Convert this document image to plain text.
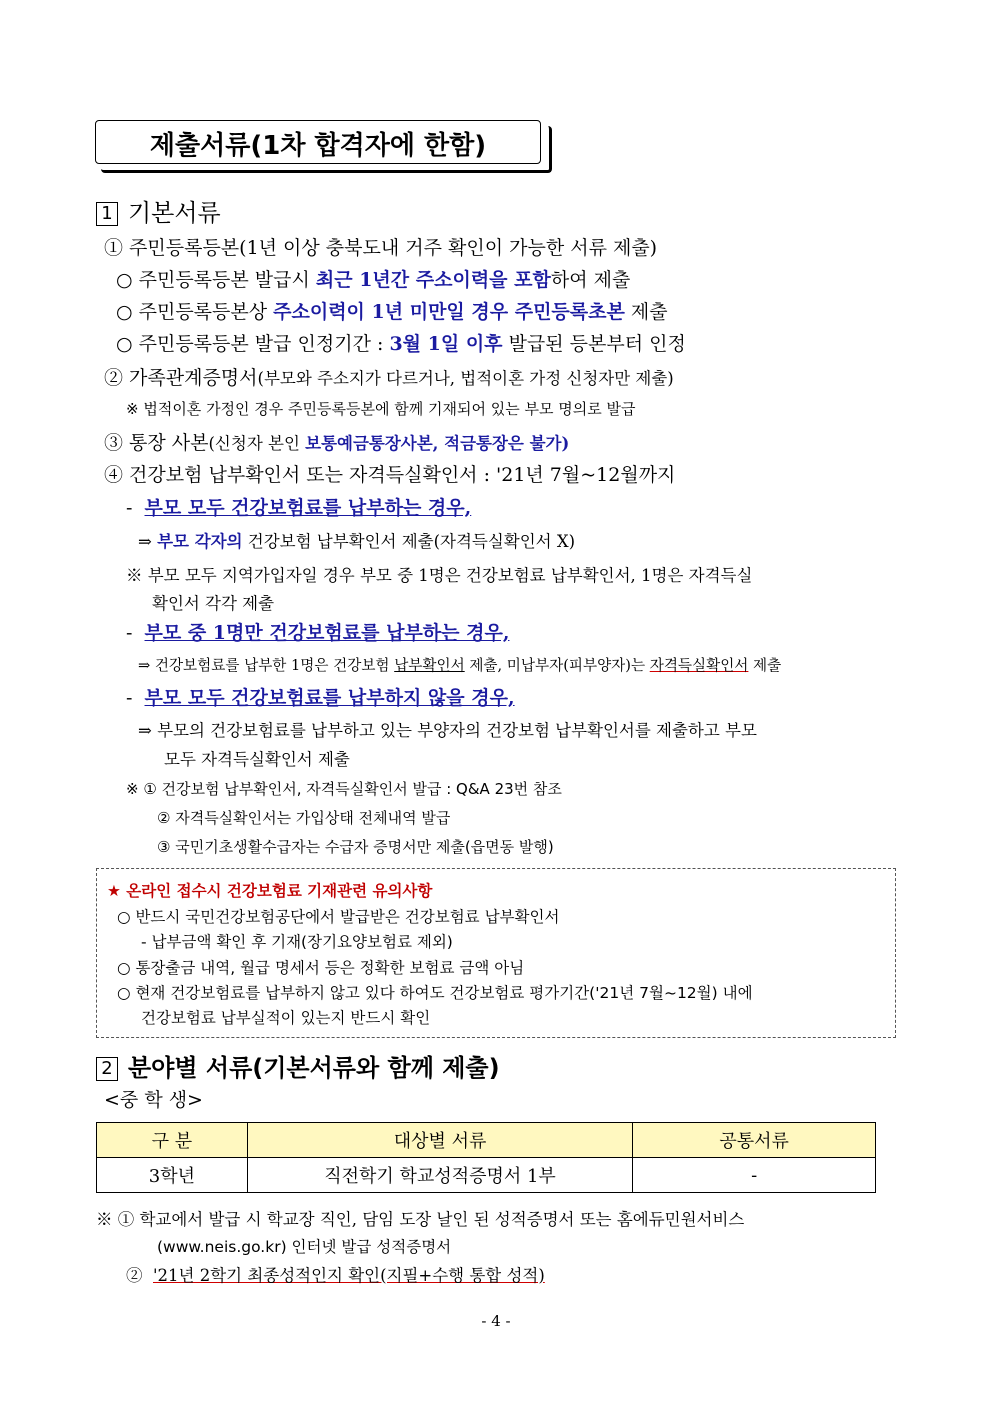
제출서류(1차 합격자에 한함)
1 기본서류
① 주민등록등본(1년 이상 충북도내 거주 확인이 가능한 서류 제출)
○ 주민등록등본 발급시 최근 1년간 주소이력을 포함하여 제출
○ 주민등록등본상 주소이력이 1년 미만일 경우 주민등록초본 제출
○ 주민등록등본 발급 인정기간 : 3월 1일 이후 발급된 등본부터 인정
② 가족관계증명서(부모와 주소지가 다르거나, 법적이혼 가정 신청자만 제출)
※ 법적이혼 가정인 경우 주민등록등본에 함께 기재되어 있는 부모 명의로 발급
③ 통장 사본(신청자 본인 보통예금통장사본, 적금통장은 불가)
④ 건강보험 납부확인서 또는 자격득실확인서 : '21년 7월~12월까지
- 부모 모두 건강보험료를 납부하는 경우,
⇒ 부모 각자의 건강보험 납부확인서 제출(자격득실확인서 X)
※ 부모 모두 지역가입자일 경우 부모 중 1명은 건강보험료 납부확인서, 1명은 자격득실
확인서 각각 제출
- 부모 중 1명만 건강보험료를 납부하는 경우,
⇒ 건강보험료를 납부한 1명은 건강보험 납부확인서 제출, 미납부자(피부양자)는 자격득실확인서 제출
- 부모 모두 건강보험료를 납부하지 않을 경우,
⇒ 부모의 건강보험료를 납부하고 있는 부양자의 건강보험 납부확인서를 제출하고 부모
모두 자격득실확인서 제출
※ ① 건강보험 납부확인서, 자격득실확인서 발급 : Q&A 23번 참조
② 자격득실확인서는 가입상태 전체내역 발급
③ 국민기초생활수급자는 수급자 증명서만 제출(읍면동 발행)
★ 온라인 접수시 건강보험료 기재관련 유의사항
○ 반드시 국민건강보험공단에서 발급받은 건강보험료 납부확인서
- 납부금액 확인 후 기재(장기요양보험료 제외)
○ 통장출금 내역, 월급 명세서 등은 정확한 보험료 금액 아님
○ 현재 건강보험료를 납부하지 않고 있다 하여도 건강보험료 평가기간('21년 7월~12월) 내에
건강보험료 납부실적이 있는지 반드시 확인
2 분야별 서류(기본서류와 함께 제출)
<중 학 생>
구 분	대상별 서류	공통서류
3학년	직전학기 학교성적증명서 1부	-
※ ① 학교에서 발급 시 학교장 직인, 담임 도장 날인 된 성적증명서 또는 홈에듀민원서비스
(www.neis.go.kr) 인터넷 발급 성적증명서
② '21년 2학기 최종성적인지 확인(지필+수행 통합 성적)
- 4 -
